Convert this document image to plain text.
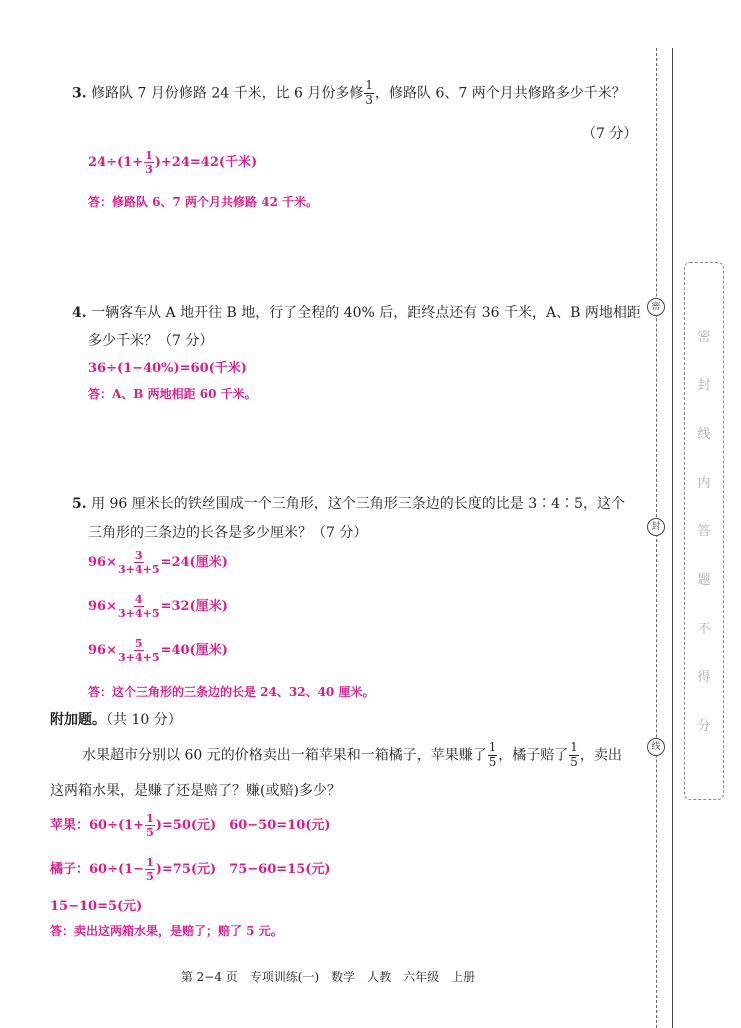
密
封
线
密
封
线
内
答
题
不
得
分
3. 修路队 7 月份修路 24 千米，比 6 月份多修 $\frac{1}{3}$ ，修路队 6、7 两个月共修路多少千米？
（7 分）
$24\div(1+ \frac{1}{3} )+24=42$(千米)
答：修路队 6、7 两个月共修路 42 千米。
4. 一辆客车从 A 地开往 B 地，行了全程的 40% 后，距终点还有 36 千米，A、B 两地相距
多少千米？（7 分）
36÷(1−40%)=60(千米)
答：A、B 两地相距 60 千米。
5. 用 96 厘米长的铁丝围成一个三角形，这个三角形三条边的长度的比是 3∶4∶5，这个
三角形的三条边的长各是多少厘米？（7 分）
$96\times \frac{3}{3+4+5} =24$(厘米)
$96\times \frac{4}{3+4+5} =32$(厘米)
$96\times \frac{5}{3+4+5} =40$(厘米)
答：这个三角形的三条边的长是 24、32、40 厘米。
附加题。（共 10 分）
水果超市分别以 60 元的价格卖出一箱苹果和一箱橘子，苹果赚了 $\frac{1}{5}$ ，橘子赔了 $\frac{1}{5}$ ，卖出
这两箱水果，是赚了还是赔了？赚(或赔)多少？
苹果：$60\div(1+ \frac{1}{5} )=50$(元)　60−50=10(元)
橘子：$60\div(1- \frac{1}{5} )=75$(元)　75−60=15(元)
15−10=5(元)
答：卖出这两箱水果，是赔了；赔了 5 元。
第 2−4 页　专项训练(一)　数学　人教　六年级　上册
